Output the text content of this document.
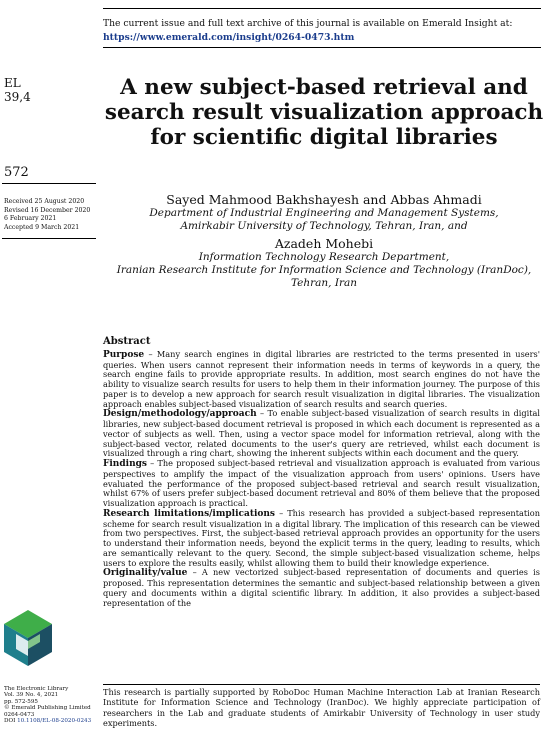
The current issue and full text archive of this journal is available on Emerald Insight at:
https://www.emerald.com/insight/0264-0473.htm
EL
39,4
572
Received 25 August 2020
Revised 16 December 2020
6 February 2021
Accepted 9 March 2021
A new subject-based retrieval and search result visualization approach for scientific digital libraries
Sayed Mahmood Bakhshayesh and Abbas Ahmadi
Department of Industrial Engineering and Management Systems,
Amirkabir University of Technology, Tehran, Iran, and
Azadeh Mohebi
Information Technology Research Department,
Iranian Research Institute for Information Science and Technology (IranDoc),
Tehran, Iran
Abstract

Purpose – Many search engines in digital libraries are restricted to the terms presented in users' queries. When users cannot represent their information needs in terms of keywords in a query, the search engine fails to provide appropriate results. In addition, most search engines do not have the ability to visualize search results for users to help them in their information journey. The purpose of this paper is to develop a new approach for search result visualization in digital libraries. The visualization approach enables subject-based visualization of search results and search queries.

Design/methodology/approach – To enable subject-based visualization of search results in digital libraries, new subject-based document retrieval is proposed in which each document is represented as a vector of subjects as well. Then, using a vector space model for information retrieval, along with the subject-based vector, related documents to the user's query are retrieved, whilst each document is visualized through a ring chart, showing the inherent subjects within each document and the query.

Findings – The proposed subject-based retrieval and visualization approach is evaluated from various perspectives to amplify the impact of the visualization approach from users' opinions. Users have evaluated the performance of the proposed subject-based retrieval and search result visualization, whilst 67% of users prefer subject-based document retrieval and 80% of them believe that the proposed visualization approach is practical.

Research limitations/implications – This research has provided a subject-based representation scheme for search result visualization in a digital library. The implication of this research can be viewed from two perspectives. First, the subject-based retrieval approach provides an opportunity for the users to understand their information needs, beyond the explicit terms in the query, leading to results, which are semantically relevant to the query. Second, the simple subject-based visualization scheme, helps users to explore the results easily, whilst allowing them to build their knowledge experience.

Originality/value – A new vectorized subject-based representation of documents and queries is proposed. This representation determines the semantic and subject-based relationship between a given query and documents within a digital scientific library. In addition, it also provides a subject-based representation of the

The Electronic Library
Vol. 39 No. 4, 2021
pp. 572-595
© Emerald Publishing Limited
0264-0473
DOI 10.1108/EL-08-2020-0243
This research is partially supported by RoboDoc Human Machine Interaction Lab at Iranian Research Institute for Information Science and Technology (IranDoc). We highly appreciate participation of researchers in the Lab and graduate students of Amirkabir University of Technology in user study experiments.
